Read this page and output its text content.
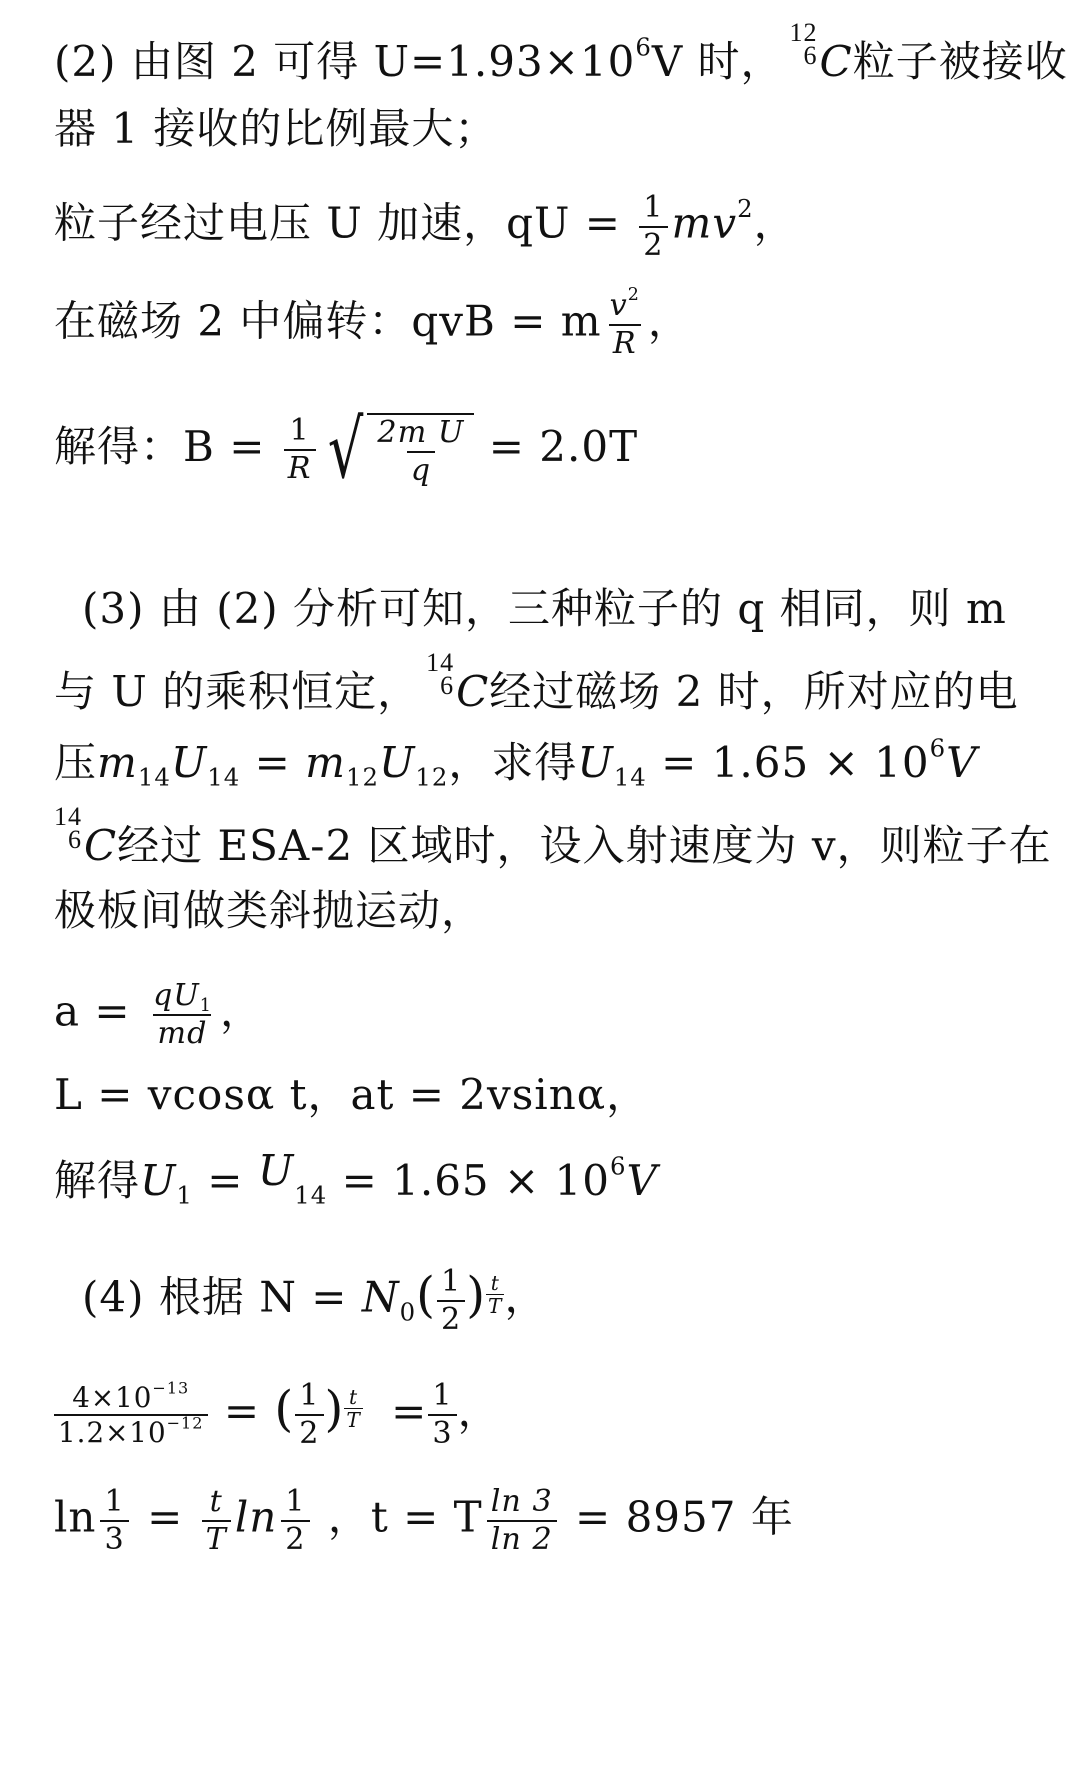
(2) 由图 2 可得 $U=1.93\times 10^6V$ 时，
12
6 C粒子被接收
器 1 接收的比例最大；
粒子经过电压 U 加速，qU = $\frac{1}{2} mv^2$，
在磁场 2 中偏转：qvB = m $\frac{v^2}{R}$ ，
解得：$B = \frac{1}{R}$ √ $\frac{\text{2m U}}{q} = 2.0T$
(3) 由 (2) 分析可知，三种粒子的 q 相同，则 m
与 U 的乘积恒定，
14
6 C经过磁场 2 时，所对应的电
压$m_{14}U_{14} = m_{12}U_{12}$，求得$U_{14} = 1.65 \times 10^6V$
14
6 C经过 ESA-2 区域时，设入射速度为 v，则粒子在
极板间做类斜抛运动，
$a = \frac{qU_1}{md}$ ，
L = vcosα t，at = 2vsinα，
解得$U_1 = U_{14} = 1.65 \times 10^6V$
(4) 根据 $N = N_0( \frac{1}{2}$ ) $^{\frac{t}{T}}$ ，
$\frac{4\times 10^{-13}}{1.2\times 10^{-12}}$ = ( $\frac{1}{2}$ ) $^{\frac{t}{T}} = \frac{1}{3}$ ，
$\ln \frac{1}{3} = \frac{t}{T}$ $\ln \frac{1}{2}$ ，t = T $\frac{\ln 3}{\ln 2} = 8957$ 年
